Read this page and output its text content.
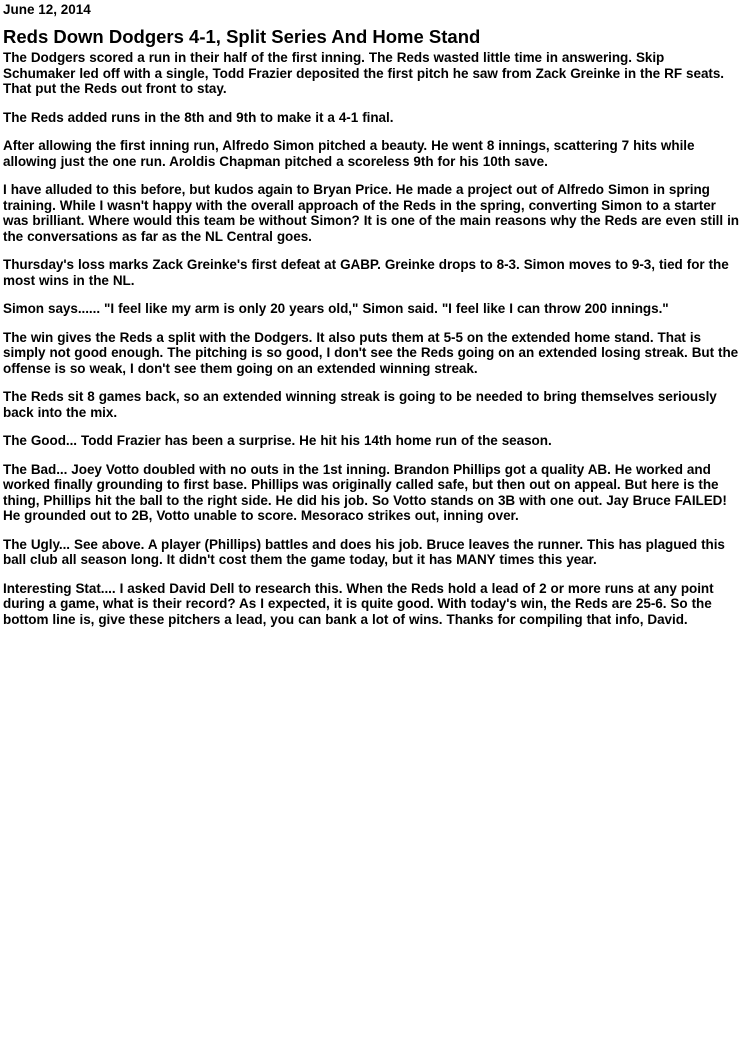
June 12, 2014
Reds Down Dodgers 4-1, Split Series And Home Stand

The Dodgers scored a run in their half of the first inning. The Reds wasted little time in answering. Skip Schumaker led off with a single, Todd Frazier deposited the first pitch he saw from Zack Greinke in the RF seats. That put the Reds out front to stay.

The Reds added runs in the 8th and 9th to make it a 4-1 final.

After allowing the first inning run, Alfredo Simon pitched a beauty. He went 8 innings, scattering 7 hits while allowing just the one run. Aroldis Chapman pitched a scoreless 9th for his 10th save.

I have alluded to this before, but kudos again to Bryan Price. He made a project out of Alfredo Simon in spring training. While I wasn't happy with the overall approach of the Reds in the spring, converting Simon to a starter was brilliant. Where would this team be without Simon? It is one of the main reasons why the Reds are even still in the conversations as far as the NL Central goes.

Thursday's loss marks Zack Greinke's first defeat at GABP. Greinke drops to 8-3. Simon moves to 9-3, tied for the most wins in the NL.

Simon says...... "I feel like my arm is only 20 years old," Simon said. "I feel like I can throw 200 innings."

The win gives the Reds a split with the Dodgers. It also puts them at 5-5 on the extended home stand. That is simply not good enough. The pitching is so good, I don't see the Reds going on an extended losing streak. But the offense is so weak, I don't see them going on an extended winning streak.

The Reds sit 8 games back, so an extended winning streak is going to be needed to bring themselves seriously back into the mix.

The Good... Todd Frazier has been a surprise. He hit his 14th home run of the season.

The Bad... Joey Votto doubled with no outs in the 1st inning. Brandon Phillips got a quality AB. He worked and worked finally grounding to first base. Phillips was originally called safe, but then out on appeal. But here is the thing, Phillips hit the ball to the right side. He did his job. So Votto stands on 3B with one out. Jay Bruce FAILED! He grounded out to 2B, Votto unable to score. Mesoraco strikes out, inning over.

The Ugly... See above. A player (Phillips) battles and does his job. Bruce leaves the runner. This has plagued this ball club all season long. It didn't cost them the game today, but it has MANY times this year.

Interesting Stat.... I asked David Dell to research this. When the Reds hold a lead of 2 or more runs at any point during a game, what is their record? As I expected, it is quite good. With today's win, the Reds are 25-6. So the bottom line is, give these pitchers a lead, you can bank a lot of wins. Thanks for compiling that info, David.
